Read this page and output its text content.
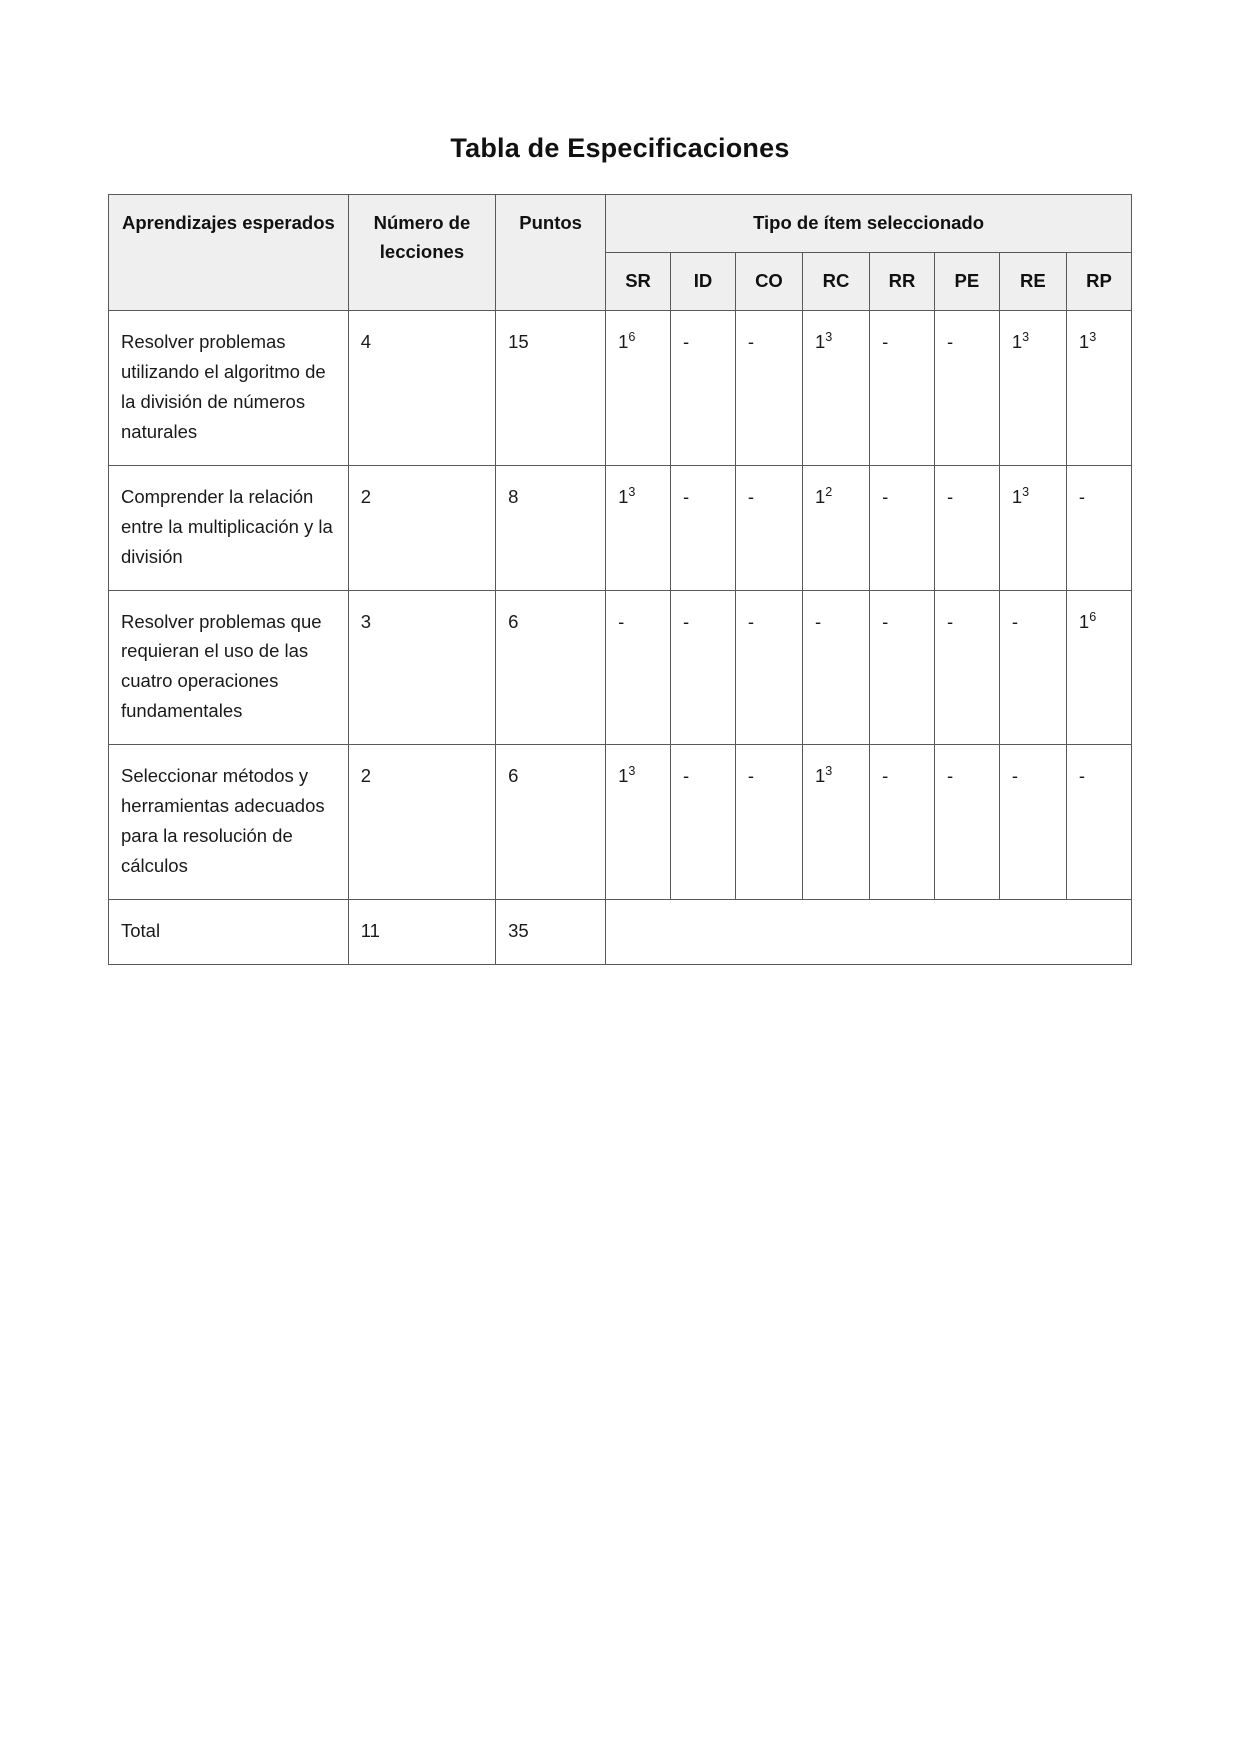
Tabla de Especificaciones
Aprendizajes esperados	Número de lecciones	Puntos	Tipo de ítem seleccionado							
			SR	ID	CO	RC	RR	PE	RE	RP
Resolver problemas utilizando el algoritmo de la división de números naturales	4	15	$1^6$	-	-	$1^3$	-	-	$1^3$	$1^3$
Comprender la relación entre la multiplicación y la división	2	8	$1^3$	-	-	$1^2$	-	-	$1^3$	-
Resolver problemas que requieran el uso de las cuatro operaciones fundamentales	3	6	-	-	-	-	-	-	-	$1^6$
Seleccionar métodos y herramientas adecuados para la resolución de cálculos	2	6	$1^3$	-	-	$1^3$	-	-	-	-
Total	11	35								
